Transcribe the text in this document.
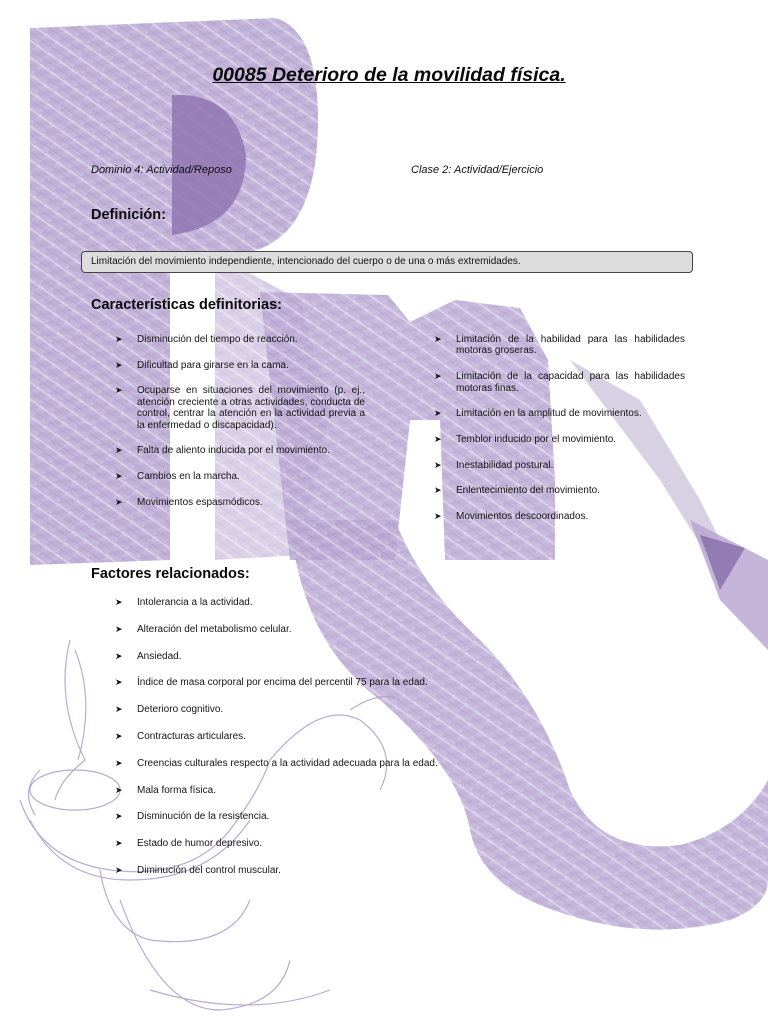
00085 Deterioro de la movilidad física.
Dominio 4: Actividad/Reposo	Clase 2: Actividad/Ejercicio
Definición:
Limitación del movimiento independiente, intencionado del cuerpo o de una o más extremidades.
Características definitorias:
➤ Disminución del tiempo de reacción.
➤ Dificultad para girarse en la cama.
➤ Ocuparse en situaciones del movimiento (p. ej., atención creciente a otras actividades, conducta de control, centrar la atención en la actividad previa a la enfermedad o discapacidad).
➤ Falta de aliento inducida por el movimiento.
➤ Cambios en la marcha.
➤ Movimientos espasmódicos.
➤ Limitación de la habilidad para las habilidades motoras groseras.
➤ Limitación de la capacidad para las habilidades motoras finas.
➤ Limitación en la amplitud de movimientos.
➤ Temblor inducido por el movimiento.
➤ Inestabilidad postural.
➤ Enlentecimiento del movimiento.
➤ Movimientos descoordinados.
Factores relacionados:
➤ Intolerancia a la actividad.
➤ Alteración del metabolismo celular.
➤ Ansiedad.
➤ Índice de masa corporal por encima del percentil 75 para la edad.
➤ Deterioro cognitivo.
➤ Contracturas articulares.
➤ Creencias culturales respecto a la actividad adecuada para la edad.
➤ Mala forma física.
➤ Disminución de la resistencia.
➤ Estado de humor depresivo.
➤ Diminución del control muscular.
